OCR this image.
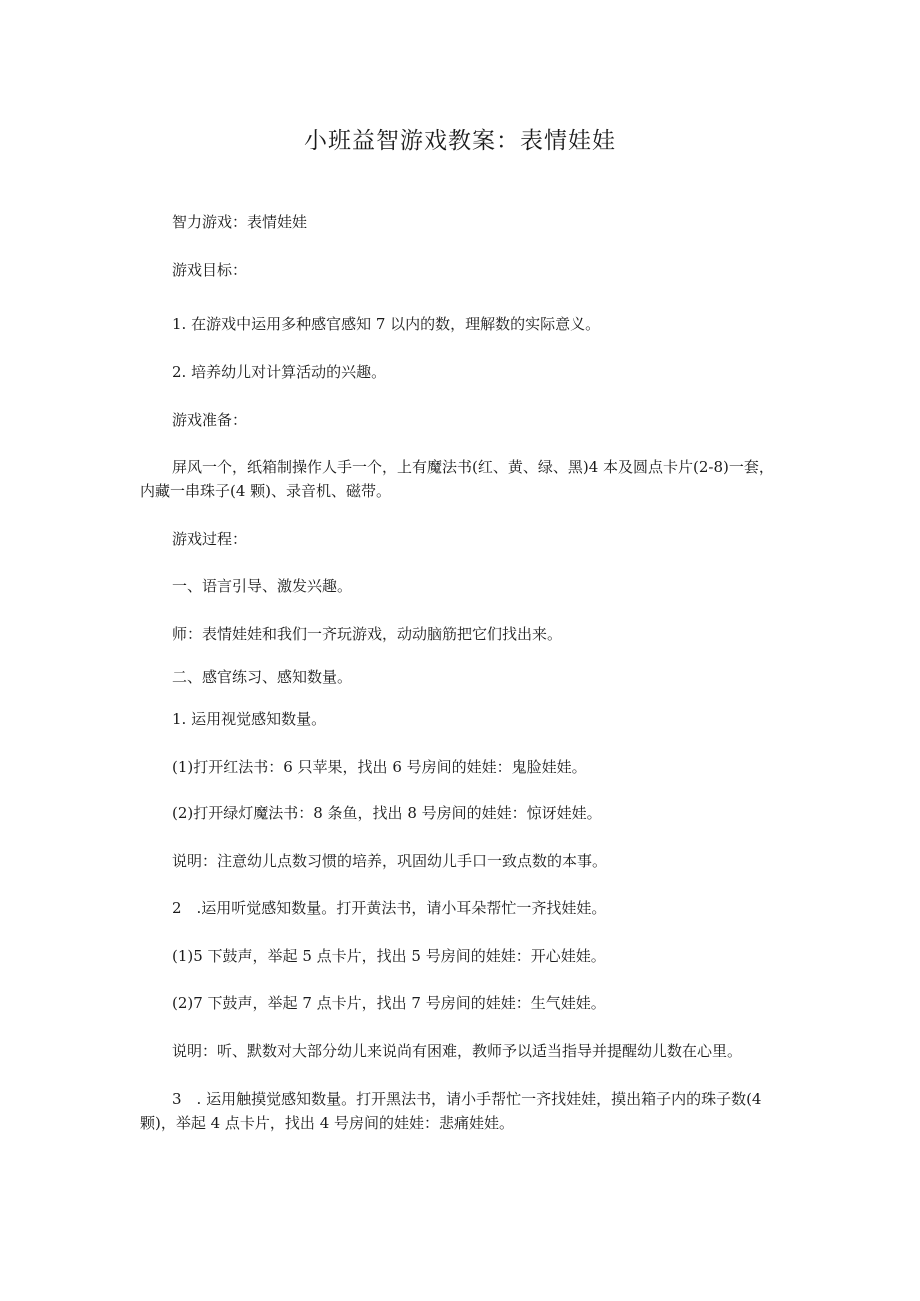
小班益智游戏教案：表情娃娃
智力游戏：表情娃娃
游戏目标：
1. 在游戏中运用多种感官感知 7 以内的数，理解数的实际意义。
2. 培养幼儿对计算活动的兴趣。
游戏准备：
屏风一个，纸箱制操作人手一个，上有魔法书(红、黄、绿、黑)4 本及圆点卡片(2-8)一套，内藏一串珠子(4 颗)、录音机、磁带。
游戏过程：
一、语言引导、激发兴趣。
师：表情娃娃和我们一齐玩游戏，动动脑筋把它们找出来。
二、感官练习、感知数量。
1. 运用视觉感知数量。
(1)打开红法书：6 只苹果，找出 6 号房间的娃娃：鬼脸娃娃。
(2)打开绿灯魔法书：8 条鱼，找出 8 号房间的娃娃：惊讶娃娃。
说明：注意幼儿点数习惯的培养，巩固幼儿手口一致点数的本事。
2　.运用听觉感知数量。打开黄法书，请小耳朵帮忙一齐找娃娃。
(1)5 下鼓声，举起 5 点卡片，找出 5 号房间的娃娃：开心娃娃。
(2)7 下鼓声，举起 7 点卡片，找出 7 号房间的娃娃：生气娃娃。
说明：听、默数对大部分幼儿来说尚有困难，教师予以适当指导并提醒幼儿数在心里。
3　. 运用触摸觉感知数量。打开黑法书，请小手帮忙一齐找娃娃，摸出箱子内的珠子数(4 颗)，举起 4 点卡片，找出 4 号房间的娃娃：悲痛娃娃。
